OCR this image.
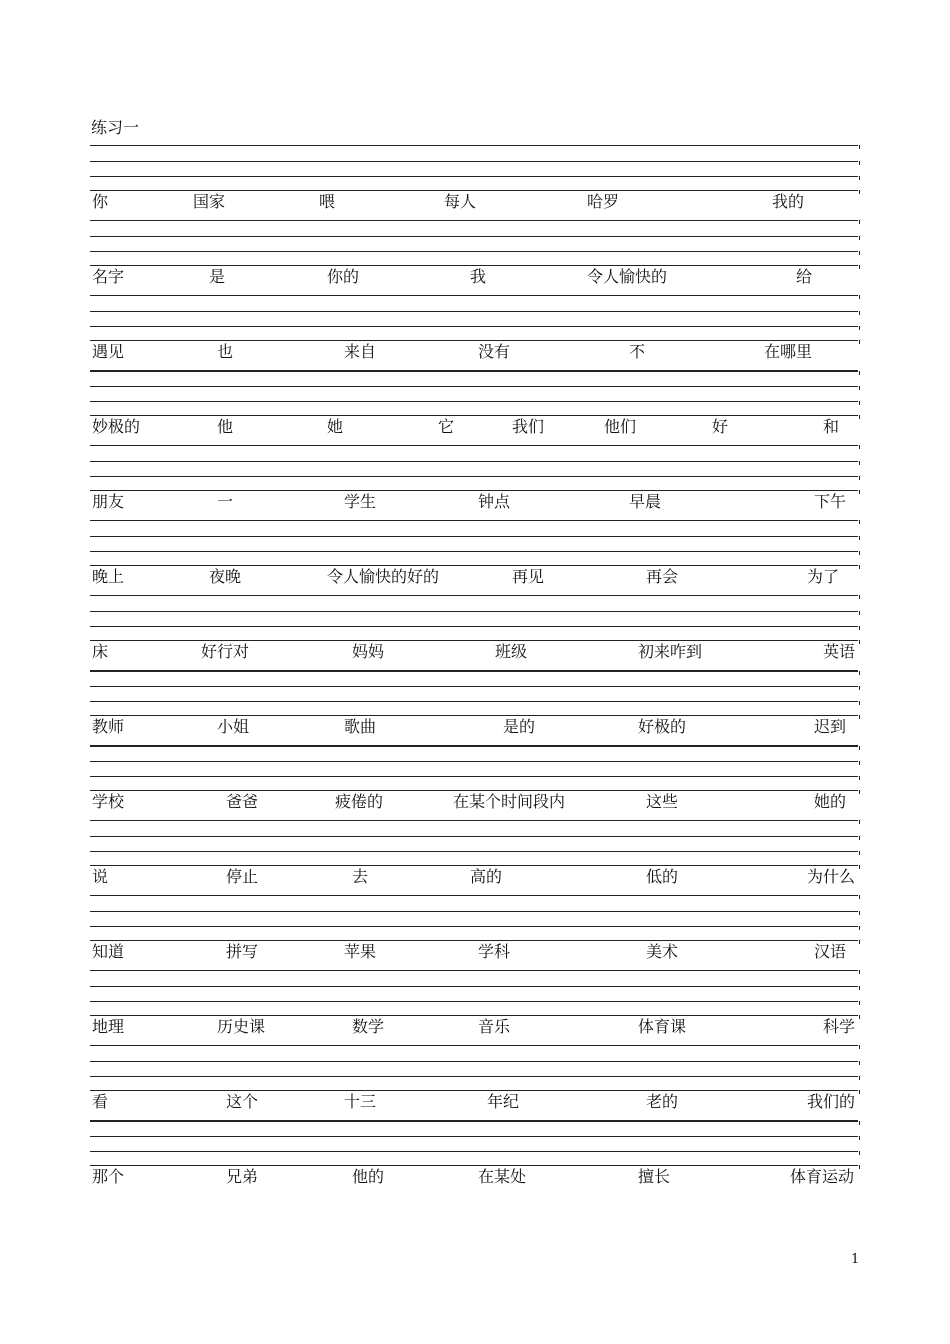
练习一
你	国家	喂	每人	哈罗	我的
名字	是	你的	我	令人愉快的	给
遇见	也	来自	没有	不	在哪里
妙极的	他	她	它	我们	他们	好	和
朋友	一	学生	钟点	早晨	下午
晚上	夜晚	令人愉快的好的	再见	再会	为了
床	好行对	妈妈	班级	初来咋到	英语
教师	小姐	歌曲	是的	好极的	迟到
学校	爸爸	疲倦的	在某个时间段内	这些	她的
说	停止	去	高的	低的	为什么
知道	拼写	苹果	学科	美术	汉语
地理	历史课	数学	音乐	体育课	科学
看	这个	十三	年纪	老的	我们的
那个	兄弟	他的	在某处	擅长	体育运动
1
